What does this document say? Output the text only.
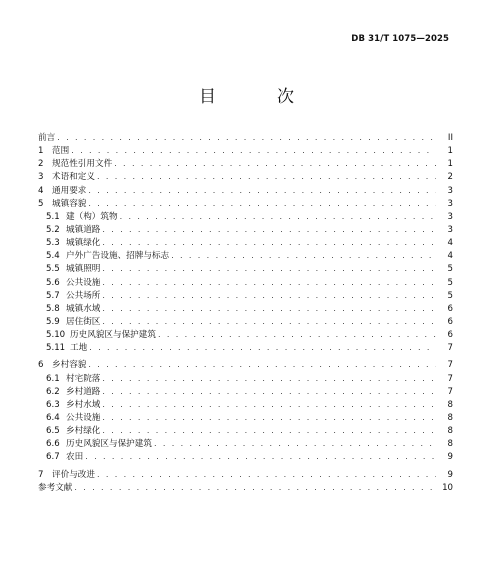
DB 31/T 1075—2025
目　次
前言 . . .	II
1 范围 . . .	1
2 规范性引用文件 . . .	1
3 术语和定义 . . .	2
4 通用要求 . . .	3
5 城镇容貌 . . .	3
5.1 建（构）筑物 . . .	3
5.2 城镇道路 . . .	3
5.3 城镇绿化 . . .	4
5.4 户外广告设施、招牌与标志 . . .	4
5.5 城镇照明 . . .	5
5.6 公共设施 . . .	5
5.7 公共场所 . . .	5
5.8 城镇水域 . . .	6
5.9 居住街区 . . .	6
5.10 历史风貌区与保护建筑 . . .	6
5.11 工地 . . .	7
6 乡村容貌 . . .	7
6.1 村宅院落 . . .	7
6.2 乡村道路 . . .	7
6.3 乡村水域 . . .	8
6.4 公共设施 . . .	8
6.5 乡村绿化 . . .	8
6.6 历史风貌区与保护建筑 . . .	8
6.7 农田 . . .	9
7 评价与改进 . . .	9
参考文献 . . .	10
